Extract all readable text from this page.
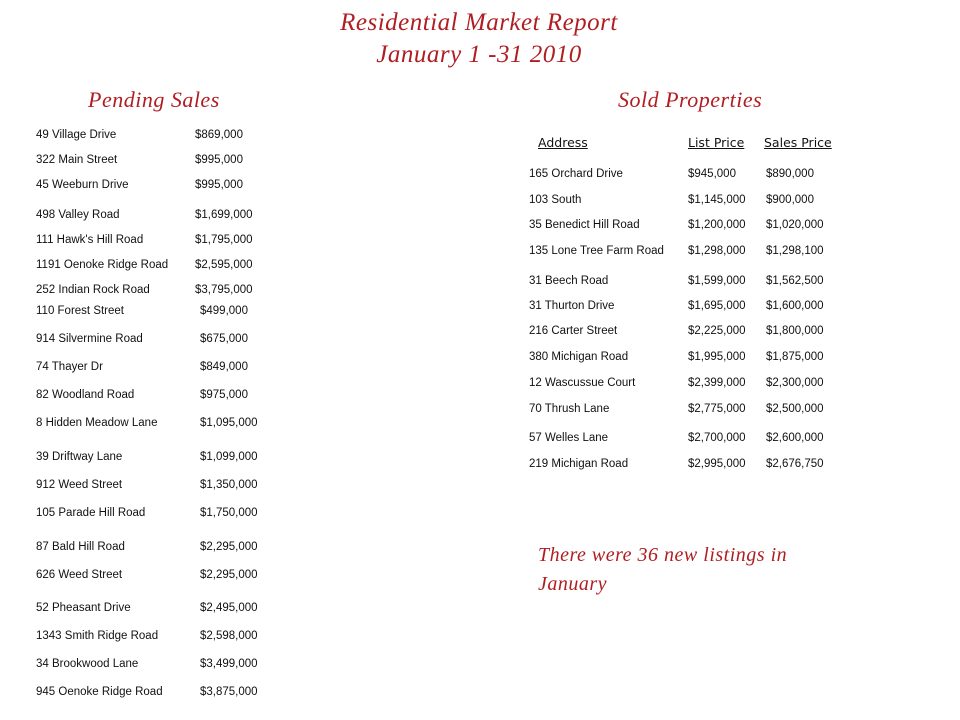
Residential Market Report
January 1 -31 2010
Pending Sales	Sold Properties
49 Village Drive	$869,000
322 Main Street	$995,000
45 Weeburn Drive	$995,000
498 Valley Road	$1,699,000
111 Hawk's Hill Road	$1,795,000
1191 Oenoke Ridge Road $2,595,000
252 Indian Rock Road	$3,795,000
110 Forest Street	$499,000
914 Silvermine Road	$675,000
74 Thayer Dr	$849,000
82 Woodland Road	$975,000
8 Hidden Meadow Lane	$1,095,000
39 Driftway Lane	$1,099,000
912 Weed Street	$1,350,000
105 Parade Hill Road	$1,750,000
87 Bald Hill Road	$2,295,000
626 Weed Street	$2,295,000
52 Pheasant Drive	$2,495,000
1343 Smith Ridge Road	$2,598,000
34 Brookwood Lane	$3,499,000
945 Oenoke Ridge Road	$3,875,000
Address	List Price Sales Price
165 Orchard Drive	$945,000	$890,000
103 South	$1,145,000 $900,000
35 Benedict Hill Road	$1,200,000 $1,020,000
135 Lone Tree Farm Road $1,298,000 $1,298,100
31 Beech Road	$1,599,000 $1,562,500
31 Thurton Drive	$1,695,000 $1,600,000
216 Carter Street	$2,225,000 $1,800,000
380 Michigan Road	$1,995,000 $1,875,000
12 Wascussue Court	$2,399,000 $2,300,000
70 Thrush Lane	$2,775,000 $2,500,000
57 Welles Lane	$2,700,000 $2,600,000
219 Michigan Road	$2,995,000 $2,676,750
There were 36 new listings in January
